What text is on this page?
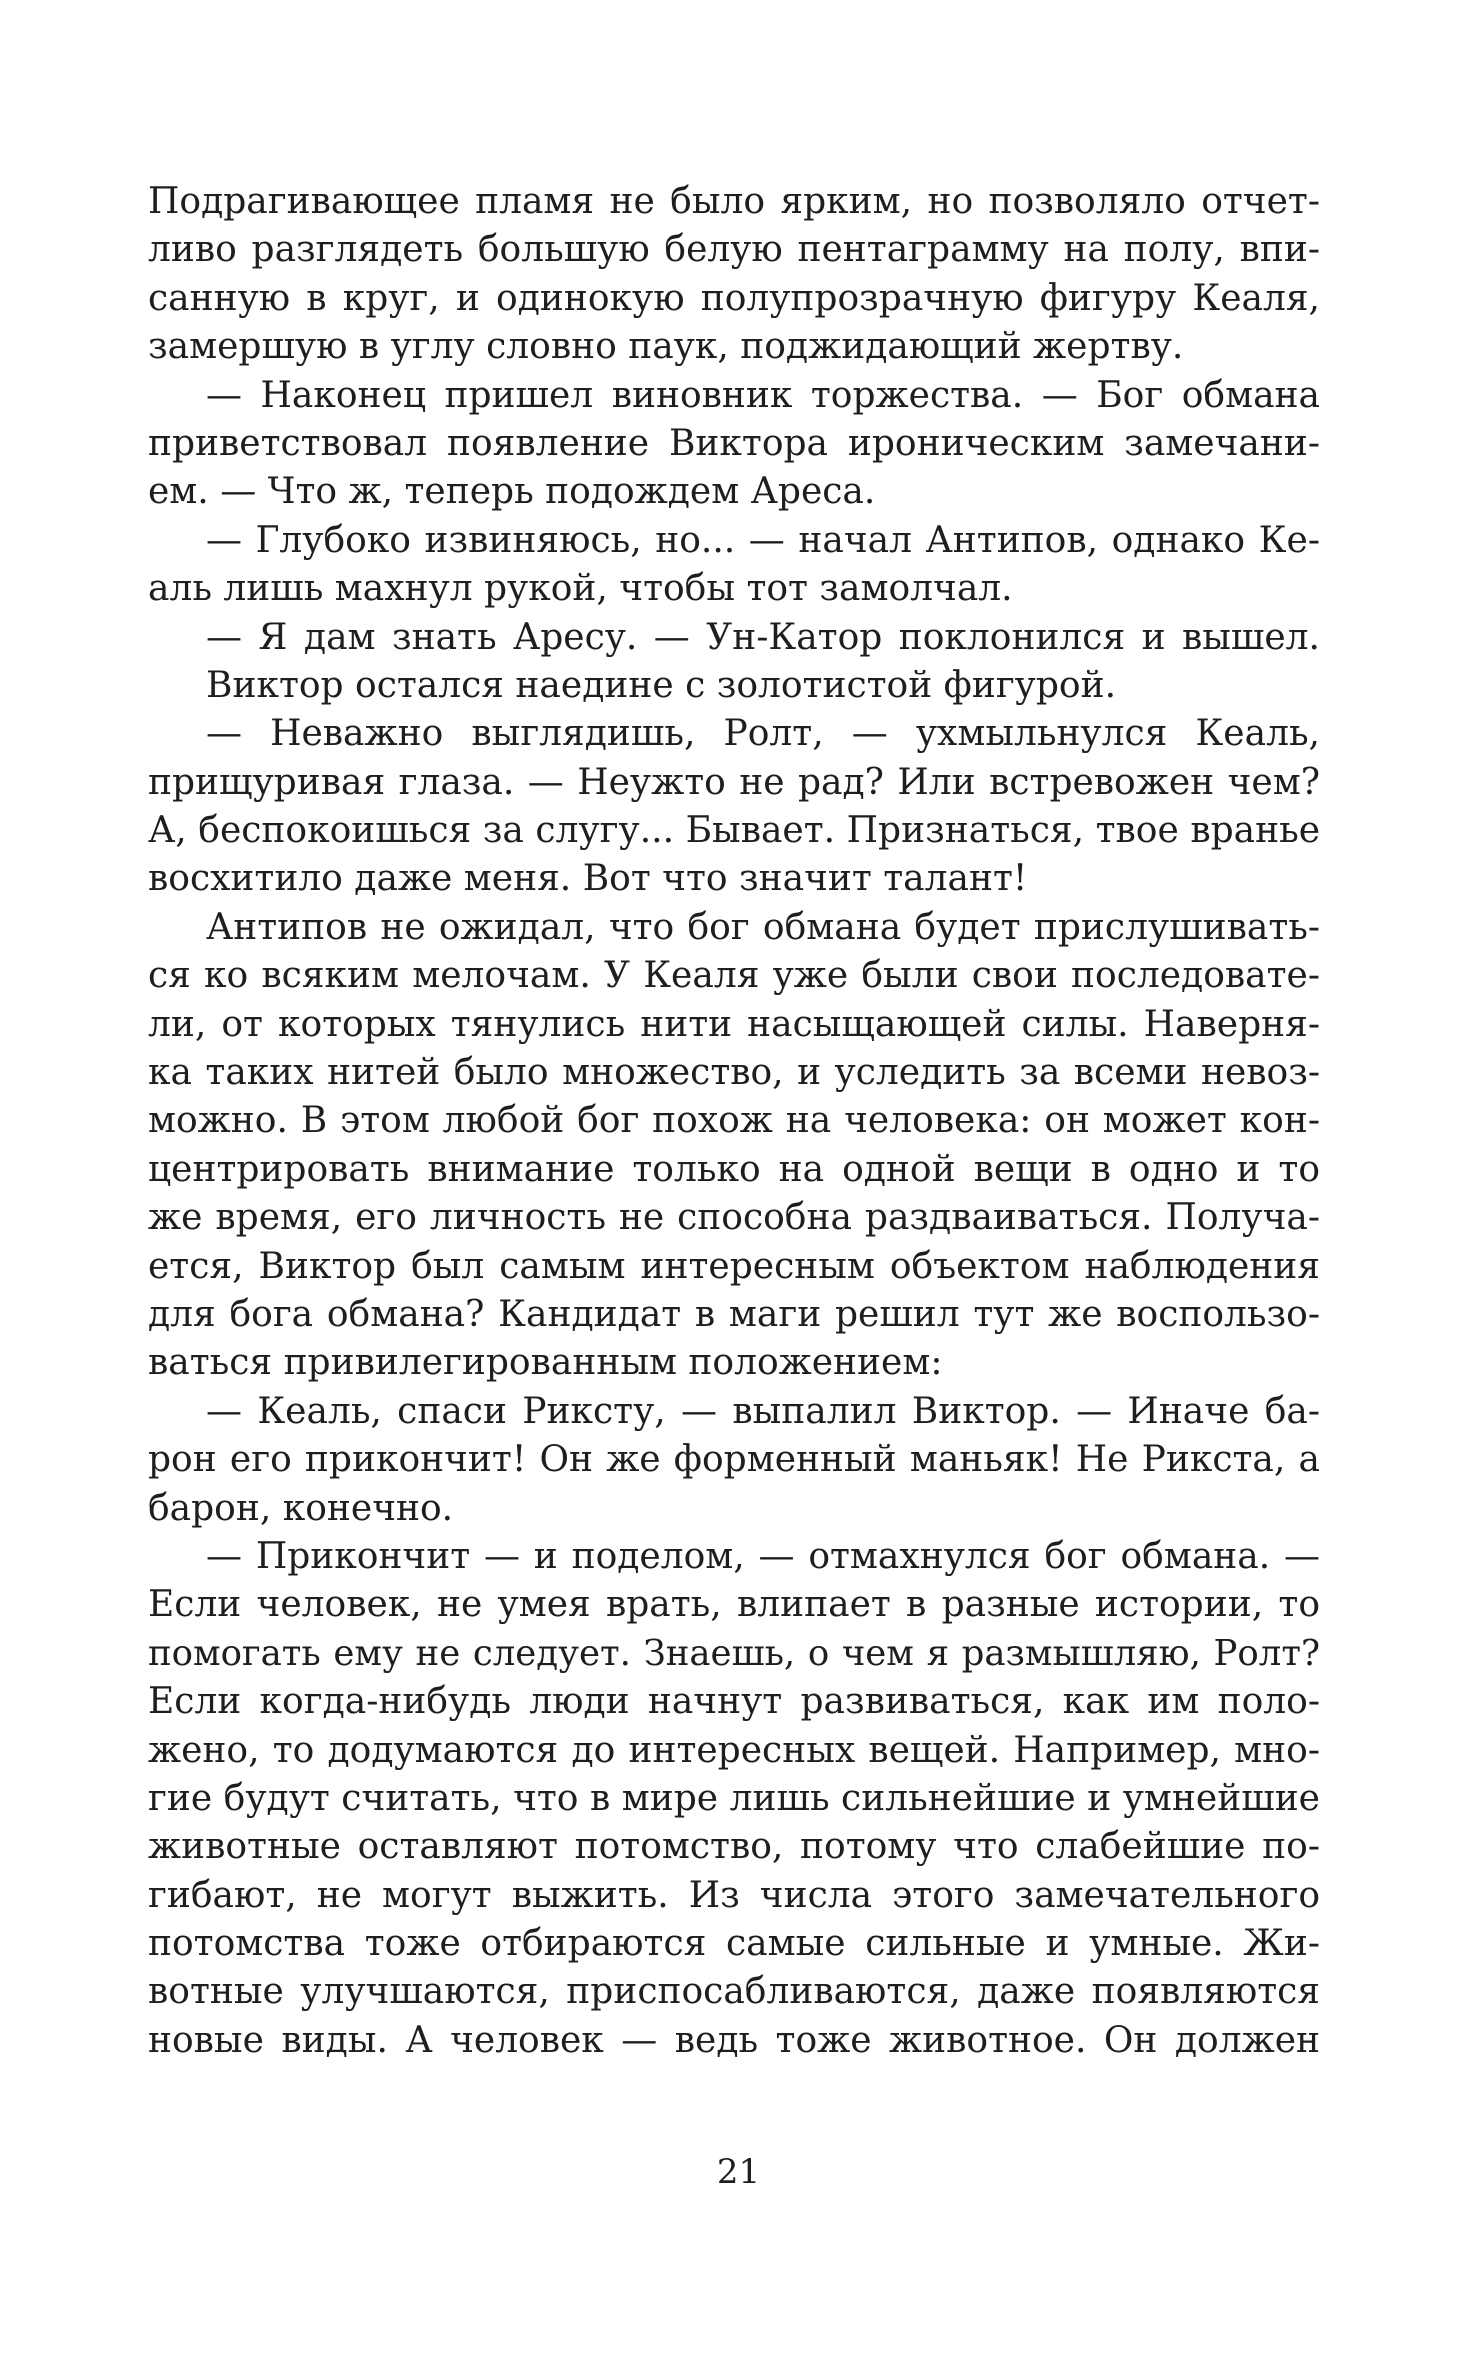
Подрагивающее пламя не было ярким, но позволяло отчет-
ливо разглядеть большую белую пентаграмму на полу, впи-
санную в круг, и одинокую полупрозрачную фигуру Кеаля,
замершую в углу словно паук, поджидающий жертву.
— Наконец пришел виновник торжества. — Бог обмана
приветствовал появление Виктора ироническим замечани-
ем. — Что ж, теперь подождем Ареса.
— Глубоко извиняюсь, но... — начал Антипов, однако Ке-
аль лишь махнул рукой, чтобы тот замолчал.
— Я дам знать Аресу. — Ун-Катор поклонился и вышел.
Виктор остался наедине с золотистой фигурой.
— Неважно выглядишь, Ролт, — ухмыльнулся Кеаль,
прищуривая глаза. — Неужто не рад? Или встревожен чем?
А, беспокоишься за слугу... Бывает. Признаться, твое вранье
восхитило даже меня. Вот что значит талант!
Антипов не ожидал, что бог обмана будет прислушивать-
ся ко всяким мелочам. У Кеаля уже были свои последовате-
ли, от которых тянулись нити насыщающей силы. Наверня-
ка таких нитей было множество, и уследить за всеми невоз-
можно. В этом любой бог похож на человека: он может кон-
центрировать внимание только на одной вещи в одно и то
же время, его личность не способна раздваиваться. Получа-
ется, Виктор был самым интересным объектом наблюдения
для бога обмана? Кандидат в маги решил тут же воспользо-
ваться привилегированным положением:
— Кеаль, спаси Рикcту, — выпалил Виктор. — Иначе ба-
рон его прикончит! Он же форменный маньяк! Не Рикста, а
барон, конечно.
— Прикончит — и поделом, — отмахнулся бог обмана. —
Если человек, не умея врать, влипает в разные истории, то
помогать ему не следует. Знаешь, о чем я размышляю, Ролт?
Если когда-нибудь люди начнут развиваться, как им поло-
жено, то додумаются до интересных вещей. Например, мно-
гие будут считать, что в мире лишь сильнейшие и умнейшие
животные оставляют потомство, потому что слабейшие по-
гибают, не могут выжить. Из числа этого замечательного
потомства тоже отбираются самые сильные и умные. Жи-
вотные улучшаются, приспосабливаются, даже появляются
новые виды. А человек — ведь тоже животное. Он должен
21
